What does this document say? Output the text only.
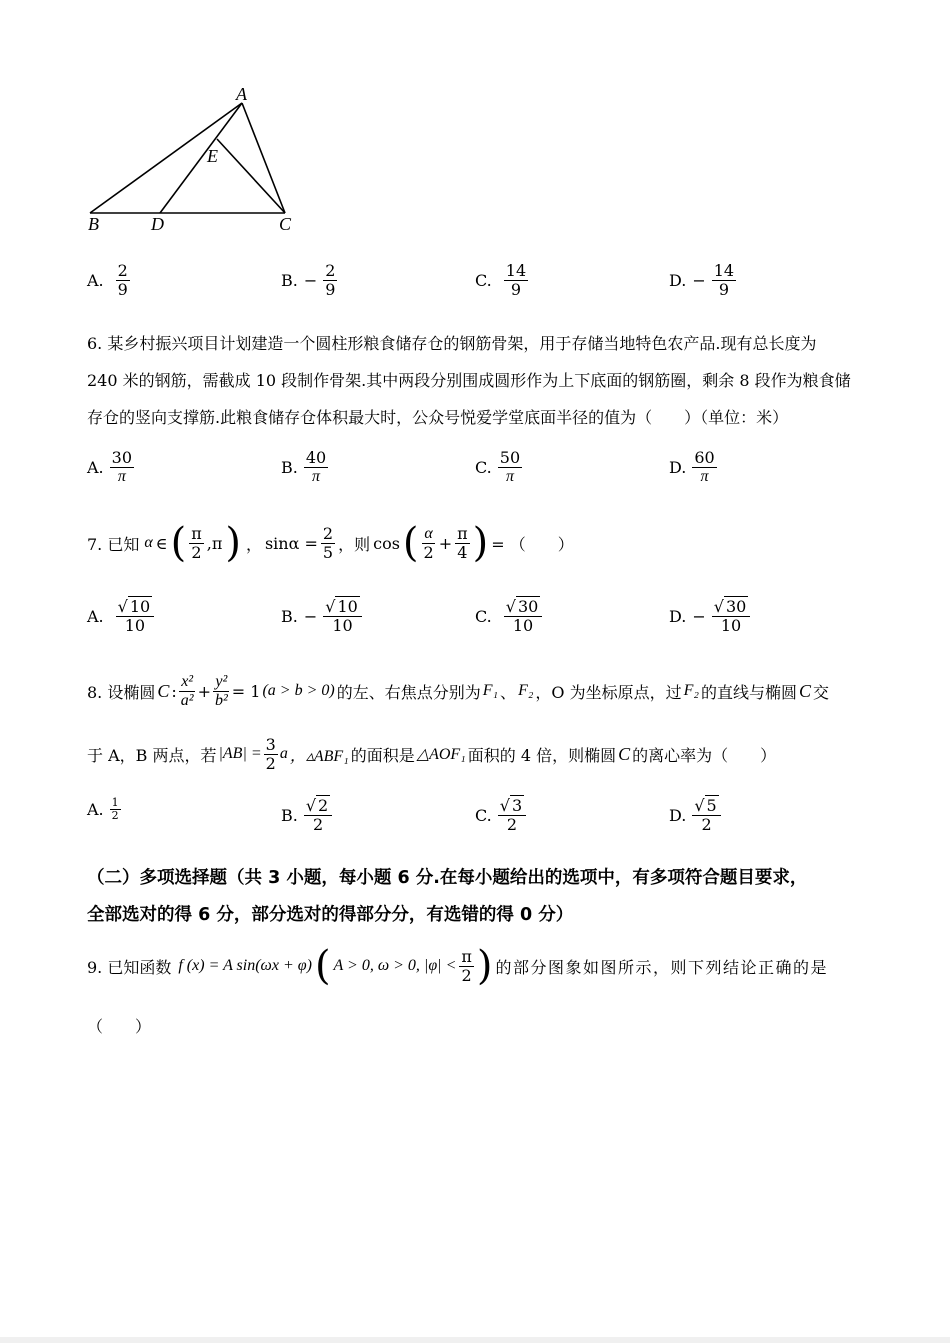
A
E
B	D	C
A. $\frac{2}{9}$	B. − $\frac{2}{9}$	C. $\frac{14}{9}$	D. − $\frac{14}{9}$
6. 某乡村振兴项目计划建造一个圆柱形粮食储存仓的钢筋骨架，用于存储当地特色农产品.现有总长度为
240 米的钢筋，需截成 10 段制作骨架.其中两段分别围成圆形作为上下底面的钢筋圈，剩余 8 段作为粮食储
存仓的竖向支撑筋.此粮食储存仓体积最大时，公众号悦爱学堂底面半径的值为（　　）（单位：米）
A. $\frac{30}{\pi}$	B. $\frac{40}{\pi}$	C. $\frac{50}{\pi}$	D. $\frac{60}{\pi}$
7. 已知 α ∈ ( $\frac{\pi}{2} ,\pi$ ) ， $\sin\alpha = \frac{2}{5}$ ，则 cos ( $\frac{\alpha}{2} + \frac{\pi}{4}$ ) = （　　）
A. $\frac{√ 10}{10}$	B. − $\frac{√ 10}{10}$	C. $\frac{√ 30}{10}$	D. − $\frac{√ 30}{10}$
8. 设椭圆 C : $\frac{\text{x²}}{\text{a²}} + \frac{\text{y²}}{\text{b²}} = 1$ (a > b > 0) 的左、右焦点分别为 F₁ 、 F₂ ，O 为坐标原点，过 F₂ 的直线与椭圆 C 交
于 A，B 两点，若 $|AB| = \frac{3}{2}$ a ，▵ABF₁ 的面积是 △AOF₁ 面积的 4 倍，则椭圆 C 的离心率为（　　）
A. $\frac{1}{2}$	B. $\frac{√ 2}{2}$	C. $\frac{√ 3}{2}$	D. $\frac{√ 5}{2}$
（二）多项选择题（共 3 小题，每小题 6 分.在每小题给出的选项中，有多项符合题目要求，
全部选对的得 6 分，部分选对的得部分分，有选错的得 0 分）
9. 已知函数 f (x) = A sin(ωx + φ) ( A > 0, ω > 0, $|\varphi| < \frac{\pi}{2}$ ) 的部分图象如图所示，则下列结论正确的是
（　　）
